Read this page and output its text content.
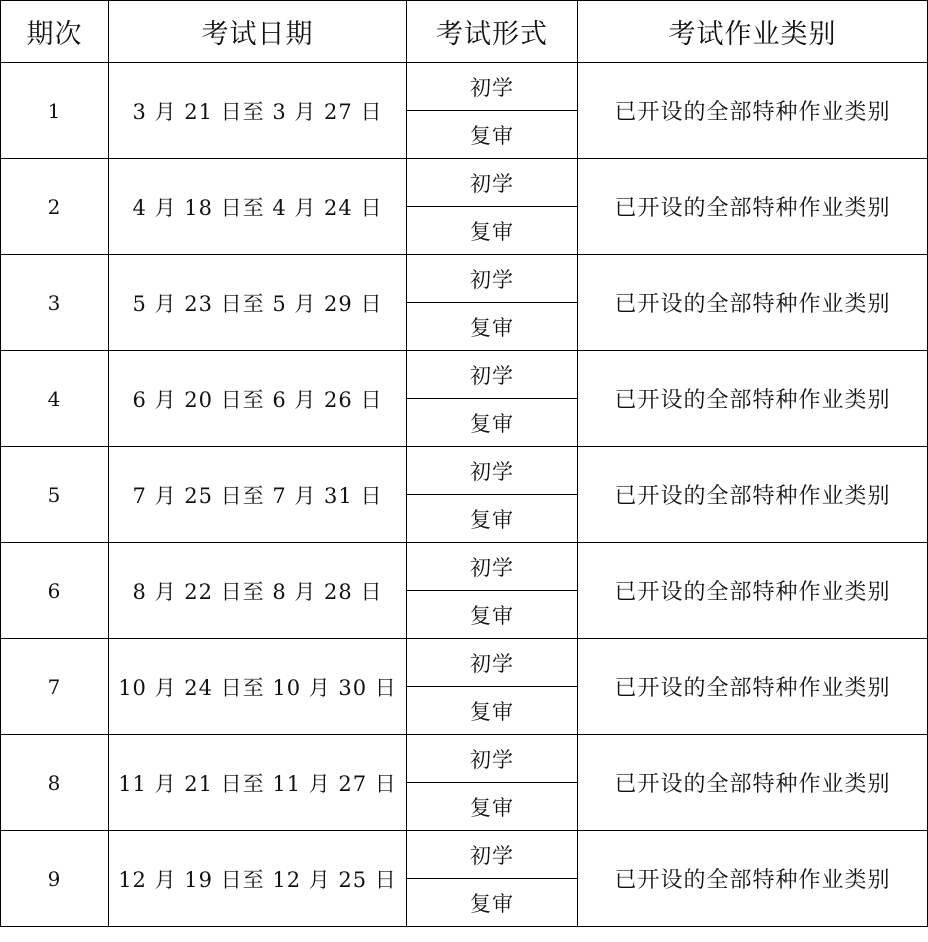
期次	考试日期	考试形式	考试作业类别
1	3 月 21 日至 3 月 27 日	初学	已开设的全部特种作业类别
		复审	
2	4 月 18 日至 4 月 24 日	初学	已开设的全部特种作业类别
		复审	
3	5 月 23 日至 5 月 29 日	初学	已开设的全部特种作业类别
		复审	
4	6 月 20 日至 6 月 26 日	初学	已开设的全部特种作业类别
		复审	
5	7 月 25 日至 7 月 31 日	初学	已开设的全部特种作业类别
		复审	
6	8 月 22 日至 8 月 28 日	初学	已开设的全部特种作业类别
		复审	
7	10 月 24 日至 10 月 30 日	初学	已开设的全部特种作业类别
		复审	
8	11 月 21 日至 11 月 27 日	初学	已开设的全部特种作业类别
		复审	
9	12 月 19 日至 12 月 25 日	初学	已开设的全部特种作业类别
		复审	
